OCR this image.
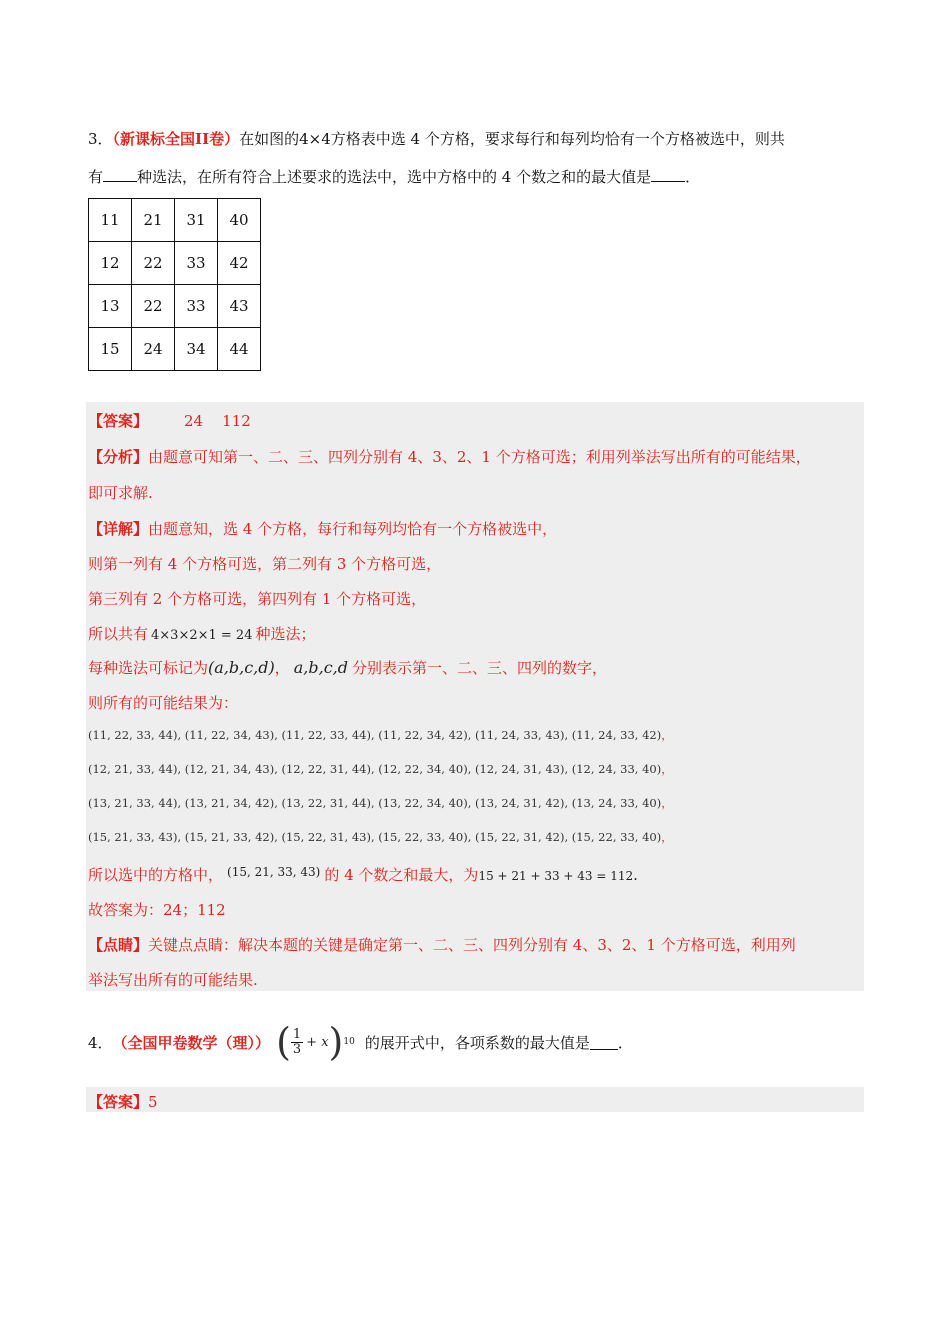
3．（新课标全国II卷）在如图的4×4方格表中选 4 个方格，要求每行和每列均恰有一个方格被选中，则共
有 种选法，在所有符合上述要求的选法中，选中方格中的 4 个数之和的最大值是 ．
11	21	31	40
12	22	33	42
13	22	33	43
15	24	34	44
【答案】 24    112
【分析】由题意可知第一、二、三、四列分别有 4、3、2、1 个方格可选；利用列举法写出所有的可能结果，
即可求解.
【详解】由题意知，选 4 个方格，每行和每列均恰有一个方格被选中，
则第一列有 4 个方格可选，第二列有 3 个方格可选，
第三列有 2 个方格可选，第四列有 1 个方格可选，
所以共有 4×3×2×1 = 24 种选法；
每种选法可标记为(a,b,c,d)， a,b,c,d 分别表示第一、二、三、四列的数字，
则所有的可能结果为：
(11, 22, 33, 44), (11, 22, 34, 43), (11, 22, 33, 44), (11, 22, 34, 42), (11, 24, 33, 43), (11, 24, 33, 42)，
(12, 21, 33, 44), (12, 21, 34, 43), (12, 22, 31, 44), (12, 22, 34, 40), (12, 24, 31, 43), (12, 24, 33, 40)，
(13, 21, 33, 44), (13, 21, 34, 42), (13, 22, 31, 44), (13, 22, 34, 40), (13, 24, 31, 42), (13, 24, 33, 40)，
(15, 21, 33, 43), (15, 21, 33, 42), (15, 22, 31, 43), (15, 22, 33, 40), (15, 22, 31, 42), (15, 22, 33, 40)，
所以选中的方格中， $^{(15, 21, 33, 43)}$ 的 4 个数之和最大，为15 + 21 + 33 + 43 = 112.
故答案为：24；112
【点睛】关键点点睛：解决本题的关键是确定第一、二、三、四列分别有 4、3、2、1 个方格可选，利用列
举法写出所有的可能结果.
4． （全国甲卷数学（理）） ( $\frac{1}{3} + x$ ) 10 的展开式中，各项系数的最大值是 ．
【答案】5
